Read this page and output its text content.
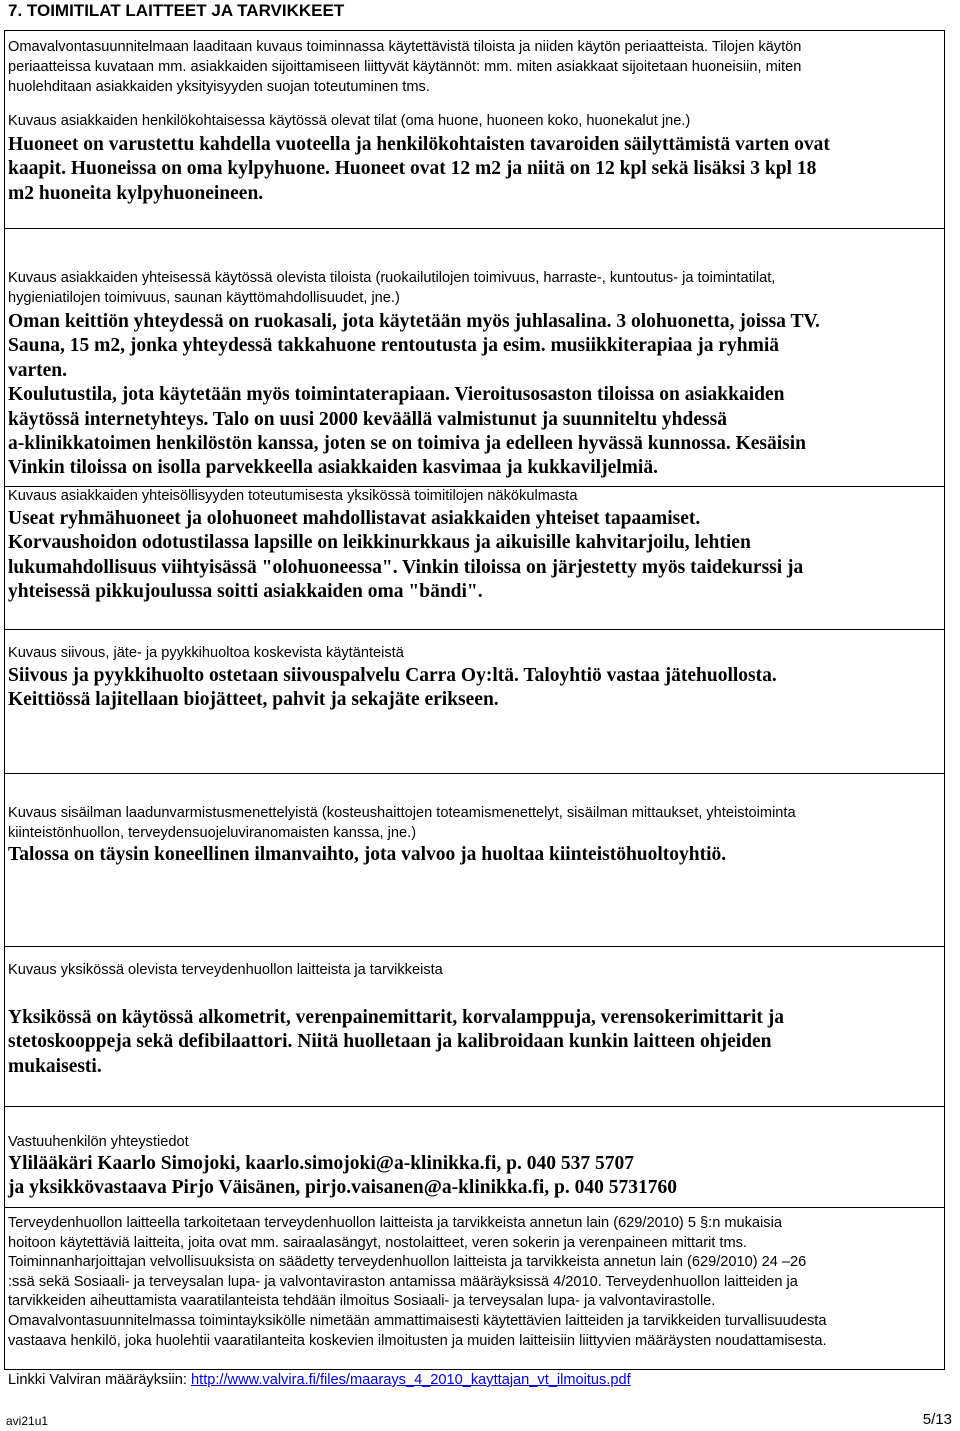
7. TOIMITILAT LAITTEET JA TARVIKKEET
Omavalvontasuunnitelmaan laaditaan kuvaus toiminnassa käytettävistä tiloista ja niiden käytön periaatteista. Tilojen käytön
periaatteissa kuvataan mm. asiakkaiden sijoittamiseen liittyvät käytännöt: mm. miten asiakkaat sijoitetaan huoneisiin, miten
huolehditaan asiakkaiden yksityisyyden suojan toteutuminen tms.
Kuvaus asiakkaiden henkilökohtaisessa käytössä olevat tilat (oma huone, huoneen koko, huonekalut jne.)

Huoneet on varustettu kahdella vuoteella ja henkilökohtaisten tavaroiden säilyttämistä varten ovat

kaapit. Huoneissa on oma kylpyhuone. Huoneet ovat 12 m2 ja niitä on 12 kpl sekä lisäksi 3 kpl 18

m2 huoneita kylpyhuoneineen.

Kuvaus asiakkaiden yhteisessä käytössä olevista tiloista (ruokailutilojen toimivuus, harraste-, kuntoutus- ja toimintatilat,
hygieniatilojen toimivuus, saunan käyttömahdollisuudet, jne.)

Oman keittiön yhteydessä on ruokasali, jota käytetään myös juhlasalina. 3 olohuonetta, joissa TV.

Sauna, 15 m2, jonka yhteydessä takkahuone rentoutusta ja esim. musiikkiterapiaa ja ryhmiä

varten.

Koulutustila, jota käytetään myös toimintaterapiaan. Vieroitusosaston tiloissa on asiakkaiden

käytössä internetyhteys. Talo on uusi 2000 keväällä valmistunut ja suunniteltu yhdessä

a-klinikkatoimen henkilöstön kanssa, joten se on toimiva ja edelleen hyvässä kunnossa. Kesäisin

Vinkin tiloissa on isolla parvekkeella asiakkaiden kasvimaa ja kukkaviljelmiä.

Kuvaus asiakkaiden yhteisöllisyyden toteutumisesta yksikössä toimitilojen näkökulmasta

Useat ryhmähuoneet ja olohuoneet mahdollistavat asiakkaiden yhteiset tapaamiset.

Korvaushoidon odotustilassa lapsille on leikkinurkkaus ja aikuisille kahvitarjoilu, lehtien

lukumahdollisuus viihtyisässä "olohuoneessa". Vinkin tiloissa on järjestetty myös taidekurssi ja

yhteisessä pikkujoulussa soitti asiakkaiden oma "bändi".

Kuvaus siivous, jäte- ja pyykkihuoltoa koskevista käytänteistä

Siivous ja pyykkihuolto ostetaan siivouspalvelu Carra Oy:ltä. Taloyhtiö vastaa jätehuollosta.

Keittiössä lajitellaan biojätteet, pahvit ja sekajäte erikseen.

Kuvaus sisäilman laadunvarmistusmenettelyistä (kosteushaittojen toteamismenettelyt, sisäilman mittaukset, yhteistoiminta
kiinteistönhuollon, terveydensuojeluviranomaisten kanssa, jne.)

Talossa on täysin koneellinen ilmanvaihto, jota valvoo ja huoltaa kiinteistöhuoltoyhtiö.

Kuvaus yksikössä olevista terveydenhuollon laitteista ja tarvikkeista

Yksikössä on käytössä alkometrit, verenpainemittarit, korvalamppuja, verensokerimittarit ja

stetoskooppeja sekä defibilaattori. Niitä huolletaan ja kalibroidaan kunkin laitteen ohjeiden

mukaisesti.

Vastuuhenkilön yhteystiedot

Ylilääkäri Kaarlo Simojoki, kaarlo.simojoki@a-klinikka.fi, p. 040 537 5707

ja yksikkövastaava Pirjo Väisänen, pirjo.vaisanen@a-klinikka.fi, p. 040 5731760

Terveydenhuollon laitteella tarkoitetaan terveydenhuollon laitteista ja tarvikkeista annetun lain (629/2010) 5 §:n mukaisia
hoitoon käytettäviä laitteita, joita ovat mm. sairaalasängyt, nostolaitteet, veren sokerin ja verenpaineen mittarit tms.
Toiminnanharjoittajan velvollisuuksista on säädetty terveydenhuollon laitteista ja tarvikkeista annetun lain (629/2010) 24 –26
:ssä sekä Sosiaali- ja terveysalan lupa- ja valvontaviraston antamissa määräyksissä 4/2010. Terveydenhuollon laitteiden ja
tarvikkeiden aiheuttamista vaaratilanteista tehdään ilmoitus Sosiaali- ja terveysalan lupa- ja valvontavirastolle.
Omavalvontasuunnitelmassa toimintayksikölle nimetään ammattimaisesti käytettävien laitteiden ja tarvikkeiden turvallisuudesta
vastaava henkilö, joka huolehtii vaaratilanteita koskevien ilmoitusten ja muiden laitteisiin liittyvien määräysten noudattamisesta.
Linkki Valviran määräyksiin: http://www.valvira.fi/files/maarays_4_2010_kayttajan_vt_ilmoitus.pdf
avi21u1	5/13
